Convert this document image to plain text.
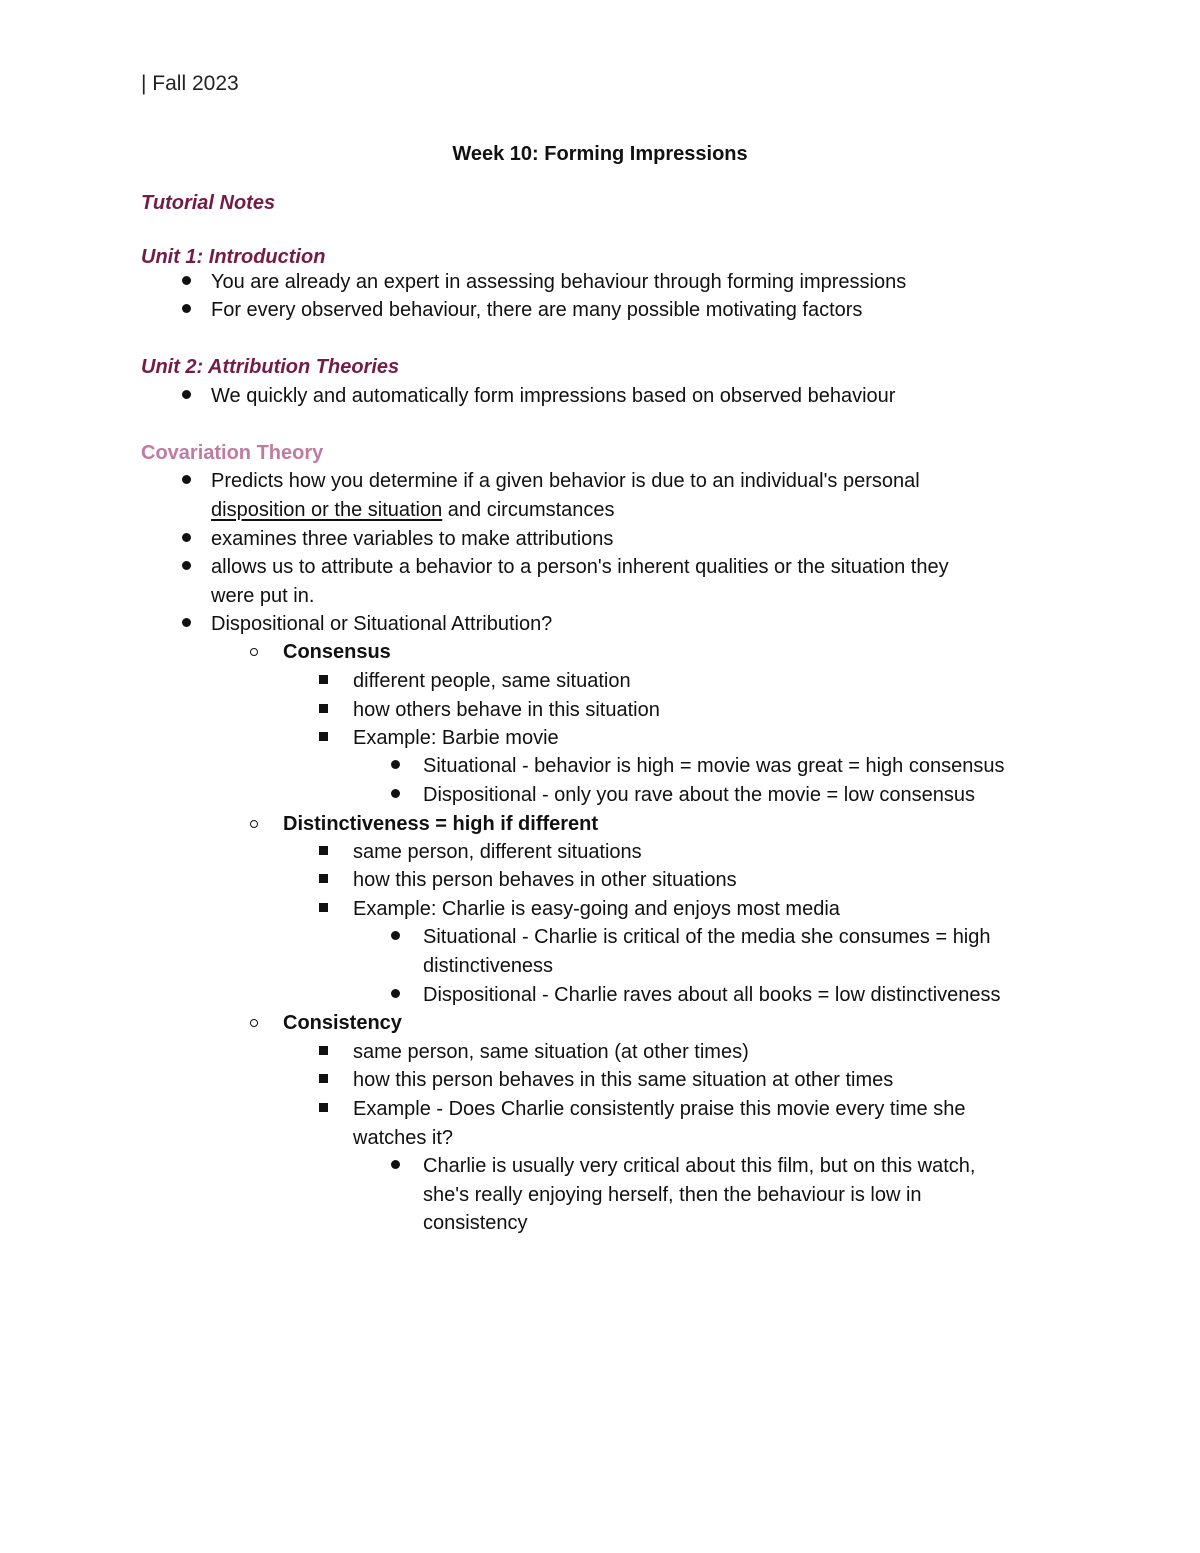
| Fall 2023
Week 10: Forming Impressions
Tutorial Notes
Unit 1: Introduction
You are already an expert in assessing behaviour through forming impressions
For every observed behaviour, there are many possible motivating factors
Unit 2: Attribution Theories
We quickly and automatically form impressions based on observed behaviour
Covariation Theory
Predicts how you determine if a given behavior is due to an individual's personal
disposition or the situation and circumstances
examines three variables to make attributions
allows us to attribute a behavior to a person's inherent qualities or the situation they
were put in.
Dispositional or Situational Attribution?
Consensus
different people, same situation
how others behave in this situation
Example: Barbie movie
Situational - behavior is high = movie was great = high consensus
Dispositional - only you rave about the movie = low consensus
Distinctiveness = high if different
same person, different situations
how this person behaves in other situations
Example: Charlie is easy-going and enjoys most media
Situational - Charlie is critical of the media she consumes = high
distinctiveness
Dispositional - Charlie raves about all books = low distinctiveness
Consistency
same person, same situation (at other times)
how this person behaves in this same situation at other times
Example - Does Charlie consistently praise this movie every time she
watches it?
Charlie is usually very critical about this film, but on this watch,
she's really enjoying herself, then the behaviour is low in
consistency
